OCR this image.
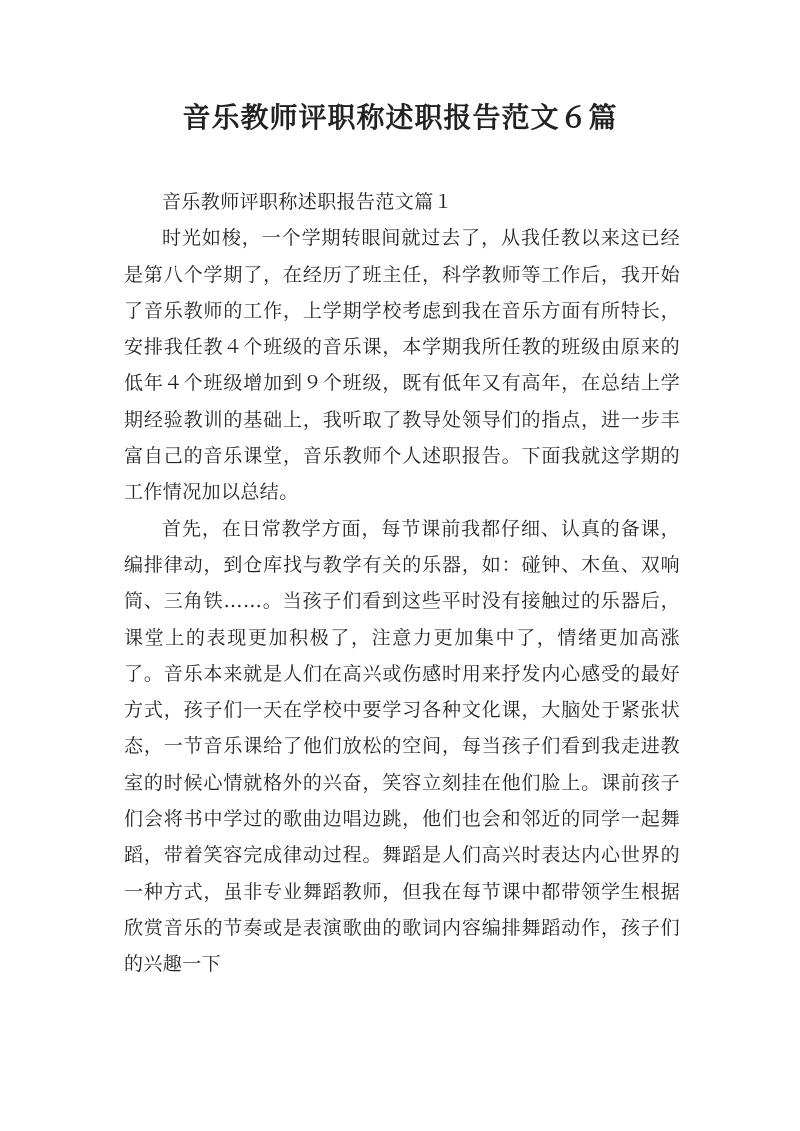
音乐教师评职称述职报告范文６篇

音乐教师评职称述职报告范文篇１

时光如梭，一个学期转眼间就过去了，从我任教以来这已经是第八个学期了，在经历了班主任，科学教师等工作后，我开始了音乐教师的工作，上学期学校考虑到我在音乐方面有所特长，安排我任教４个班级的音乐课，本学期我所任教的班级由原来的低年４个班级增加到９个班级，既有低年又有高年，在总结上学期经验教训的基础上，我听取了教导处领导们的指点，进一步丰富自己的音乐课堂，音乐教师个人述职报告。下面我就这学期的工作情况加以总结。

首先，在日常教学方面，每节课前我都仔细、认真的备课，编排律动，到仓库找与教学有关的乐器，如：碰钟、木鱼、双响筒、三角铁……。当孩子们看到这些平时没有接触过的乐器后，课堂上的表现更加积极了，注意力更加集中了，情绪更加高涨了。音乐本来就是人们在高兴或伤感时用来抒发内心感受的最好方式，孩子们一天在学校中要学习各种文化课，大脑处于紧张状态，一节音乐课给了他们放松的空间，每当孩子们看到我走进教室的时候心情就格外的兴奋，笑容立刻挂在他们脸上。课前孩子们会将书中学过的歌曲边唱边跳，他们也会和邻近的同学一起舞蹈，带着笑容完成律动过程。舞蹈是人们高兴时表达内心世界的一种方式，虽非专业舞蹈教师，但我在每节课中都带领学生根据欣赏音乐的节奏或是表演歌曲的歌词内容编排舞蹈动作，孩子们的兴趣一下
